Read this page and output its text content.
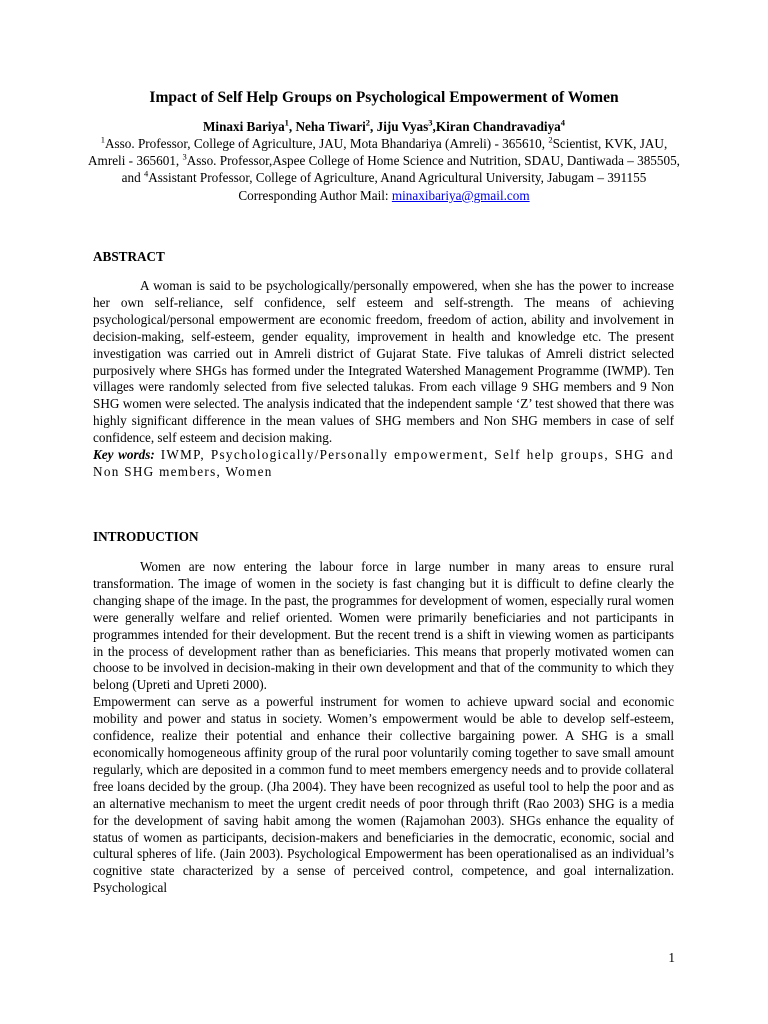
Impact of Self Help Groups on Psychological Empowerment of Women
Minaxi Bariya$^1$, Neha Tiwari$^2$, Jiju Vyas$^3$,Kiran Chandravadiya$^4$

$^1$Asso. Professor, College of Agriculture, JAU, Mota Bhandariya (Amreli) - 365610, $^2$Scientist, KVK, JAU, Amreli - 365601, $^3$Asso. Professor,Aspee College of Home Science and Nutrition, SDAU, Dantiwada – 385505, and $^4$Assistant Professor, College of Agriculture, Anand Agricultural University, Jabugam – 391155

Corresponding Author Mail: minaxibariya@gmail.com

ABSTRACT

A woman is said to be psychologically/personally empowered, when she has the power to increase her own self-reliance, self confidence, self esteem and self-strength. The means of achieving psychological/personal empowerment are economic freedom, freedom of action, ability and involvement in decision-making, self-esteem, gender equality, improvement in health and knowledge etc. The present investigation was carried out in Amreli district of Gujarat State. Five talukas of Amreli district selected purposively where SHGs has formed under the Integrated Watershed Management Programme (IWMP). Ten villages were randomly selected from five selected talukas. From each village 9 SHG members and 9 Non SHG women were selected. The analysis indicated that the independent sample ‘Z’ test showed that there was highly significant difference in the mean values of SHG members and Non SHG members in case of self confidence, self esteem and decision making.

Key words: IWMP, Psychologically/Personally empowerment, Self help groups, SHG and Non SHG members, Women

INTRODUCTION

Women are now entering the labour force in large number in many areas to ensure rural transformation. The image of women in the society is fast changing but it is difficult to define clearly the changing shape of the image. In the past, the programmes for development of women, especially rural women were generally welfare and relief oriented. Women were primarily beneficiaries and not participants in programmes intended for their development. But the recent trend is a shift in viewing women as participants in the process of development rather than as beneficiaries. This means that properly motivated women can choose to be involved in decision-making in their own development and that of the community to which they belong (Upreti and Upreti 2000).

Empowerment can serve as a powerful instrument for women to achieve upward social and economic mobility and power and status in society. Women’s empowerment would be able to develop self-esteem, confidence, realize their potential and enhance their collective bargaining power. A SHG is a small economically homogeneous affinity group of the rural poor voluntarily coming together to save small amount regularly, which are deposited in a common fund to meet members emergency needs and to provide collateral free loans decided by the group. (Jha 2004). They have been recognized as useful tool to help the poor and as an alternative mechanism to meet the urgent credit needs of poor through thrift (Rao 2003) SHG is a media for the development of saving habit among the women (Rajamohan 2003). SHGs enhance the equality of status of women as participants, decision-makers and beneficiaries in the democratic, economic, social and cultural spheres of life. (Jain 2003). Psychological Empowerment has been operationalised as an individual’s cognitive state characterized by a sense of perceived control, competence, and goal internalization. Psychological

1
